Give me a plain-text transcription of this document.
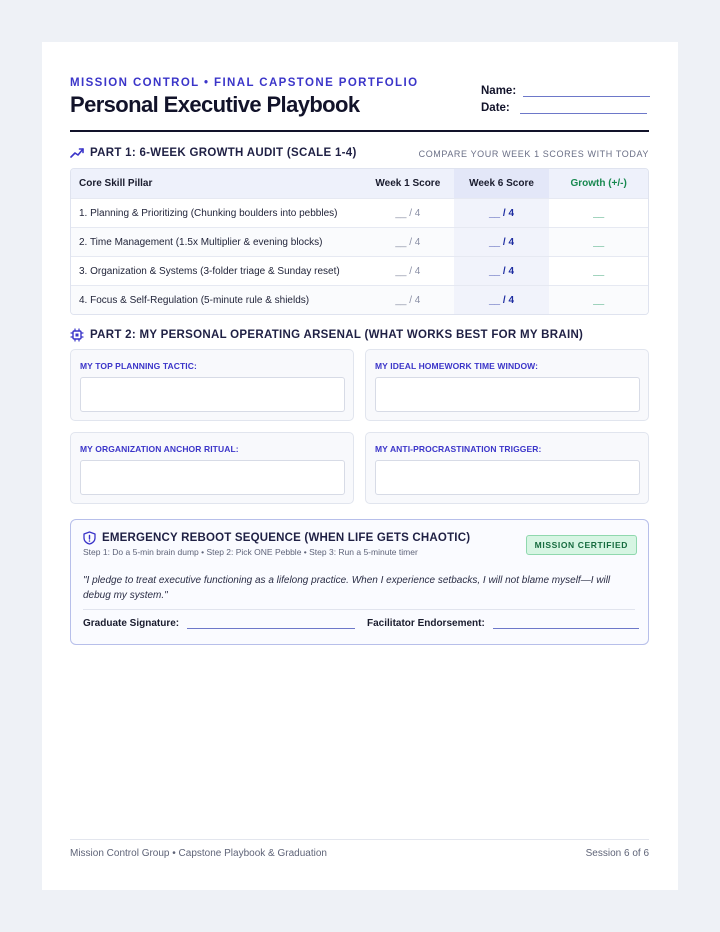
MISSION CONTROL • FINAL CAPSTONE PORTFOLIO
Personal Executive Playbook
Name:
Date:
PART 1: 6-WEEK GROWTH AUDIT (SCALE 1-4)	COMPARE YOUR WEEK 1 SCORES WITH TODAY
Core Skill Pillar	Week 1 Score	Week 6 Score	Growth (+/-)
1. Planning & Prioritizing (Chunking boulders into pebbles)	__ / 4	__ / 4	__
2. Time Management (1.5x Multiplier & evening blocks)	__ / 4	__ / 4	__
3. Organization & Systems (3-folder triage & Sunday reset)	__ / 4	__ / 4	__
4. Focus & Self-Regulation (5-minute rule & shields)	__ / 4	__ / 4	__
PART 2: MY PERSONAL OPERATING ARSENAL (WHAT WORKS BEST FOR MY BRAIN)
MY TOP PLANNING TACTIC:	MY IDEAL HOMEWORK TIME WINDOW:
MY ORGANIZATION ANCHOR RITUAL:	MY ANTI-PROCRASTINATION TRIGGER:
EMERGENCY REBOOT SEQUENCE (WHEN LIFE GETS CHAOTIC)
Step 1: Do a 5-min brain dump • Step 2: Pick ONE Pebble • Step 3: Run a 5-minute timer
MISSION CERTIFIED
"I pledge to treat executive functioning as a lifelong practice. When I experience setbacks, I will not blame myself—I will debug my system."
Graduate Signature:	Facilitator Endorsement:
Mission Control Group • Capstone Playbook & Graduation	Session 6 of 6
